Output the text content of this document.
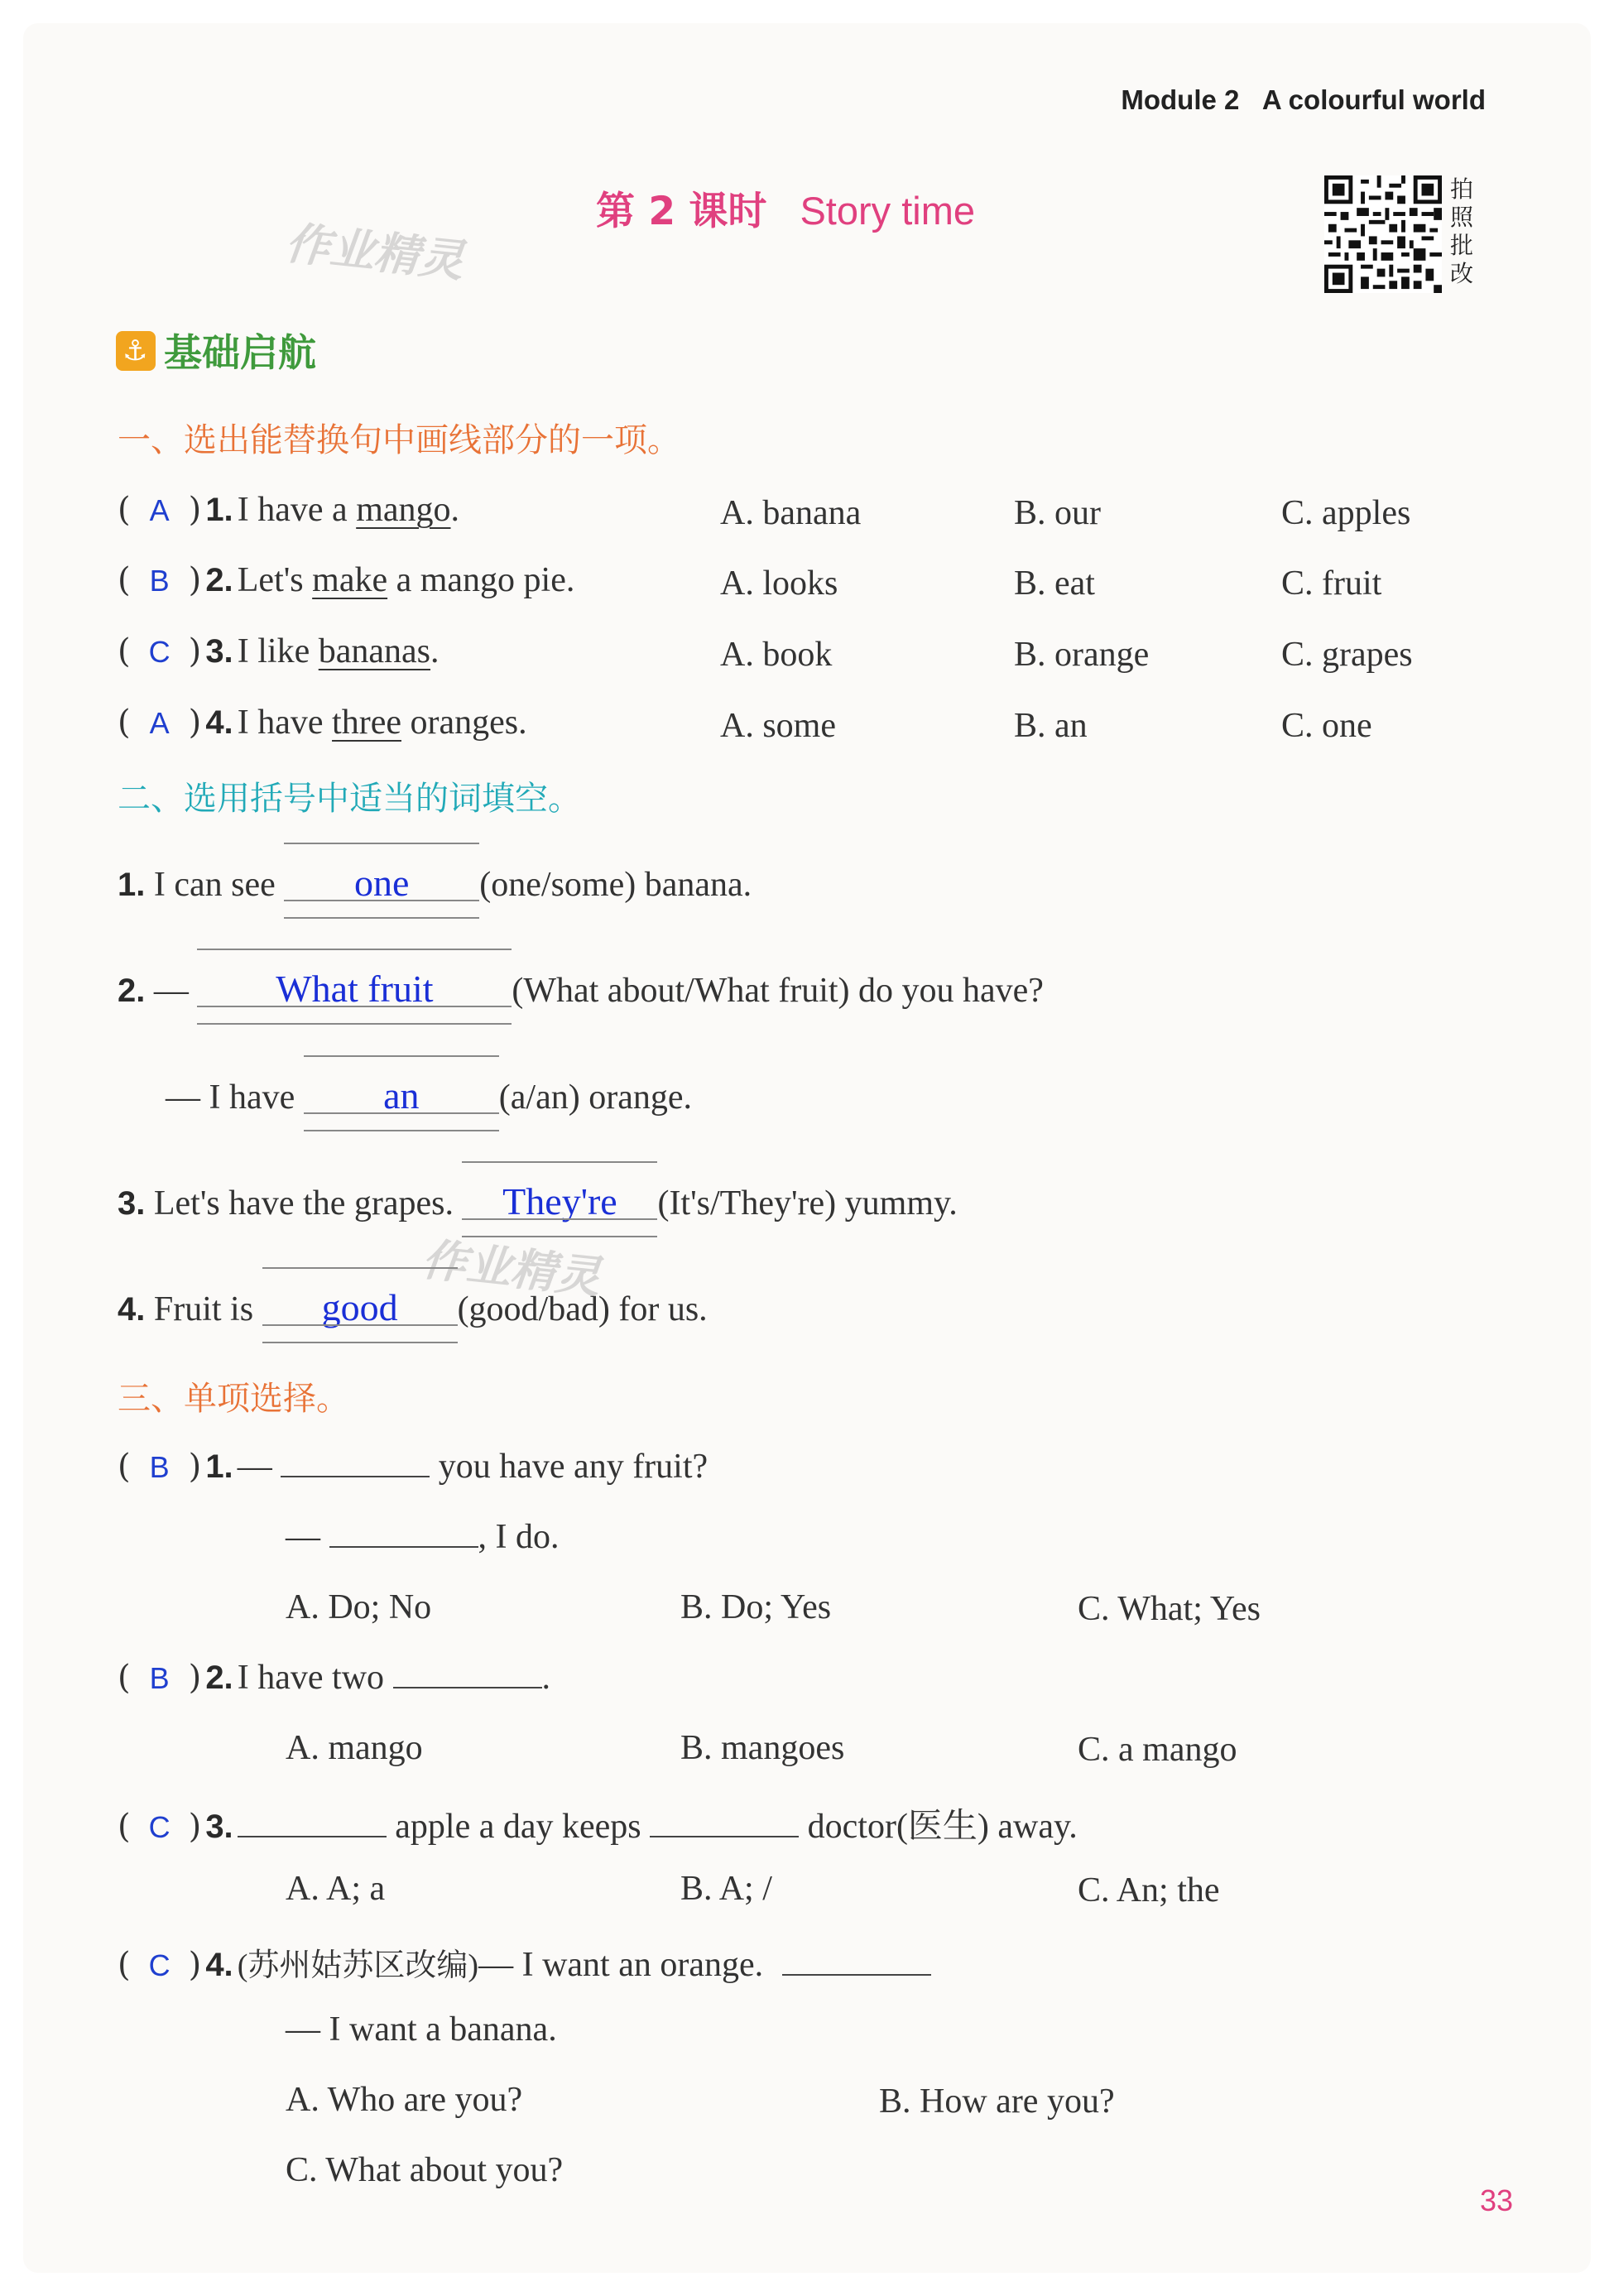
Module 2 A colourful world
第 2 课时 Story time
作业精灵
作业精灵
拍照批改
⚓ 基础启航
一、选出能替换句中画线部分的一项。
( A ) 1. I have a mango.	A. banana	B. our	C. apples
( B ) 2. Let's make a mango pie.	A. looks	B. eat	C. fruit
( C ) 3. I like bananas.	A. book	B. orange	C. grapes
( A ) 4. I have three oranges.	A. some	B. an	C. one
二、选用括号中适当的词填空。
1. I can see
one (one/some) banana.
2. —
What fruit (What about/What fruit) do you have?
— I have
an (a/an) orange.
3. Let's have the grapes.
They're (It's/They're) yummy.
4. Fruit is
good (good/bad) for us.
三、单项选择。
( B ) 1. —	you have any fruit?
—	, I do.
A. Do; No	B. Do; Yes	C. What; Yes
( B ) 2. I have two	.
A. mango	B. mangoes	C. a mango
( C ) 3.	apple a day keeps	doctor(医生) away.
A. A; a	B. A; /	C. An; the
( C ) 4. (苏州姑苏区改编)— I want an orange.
— I want a banana.
A. Who are you?	B. How are you?
C. What about you?
33
